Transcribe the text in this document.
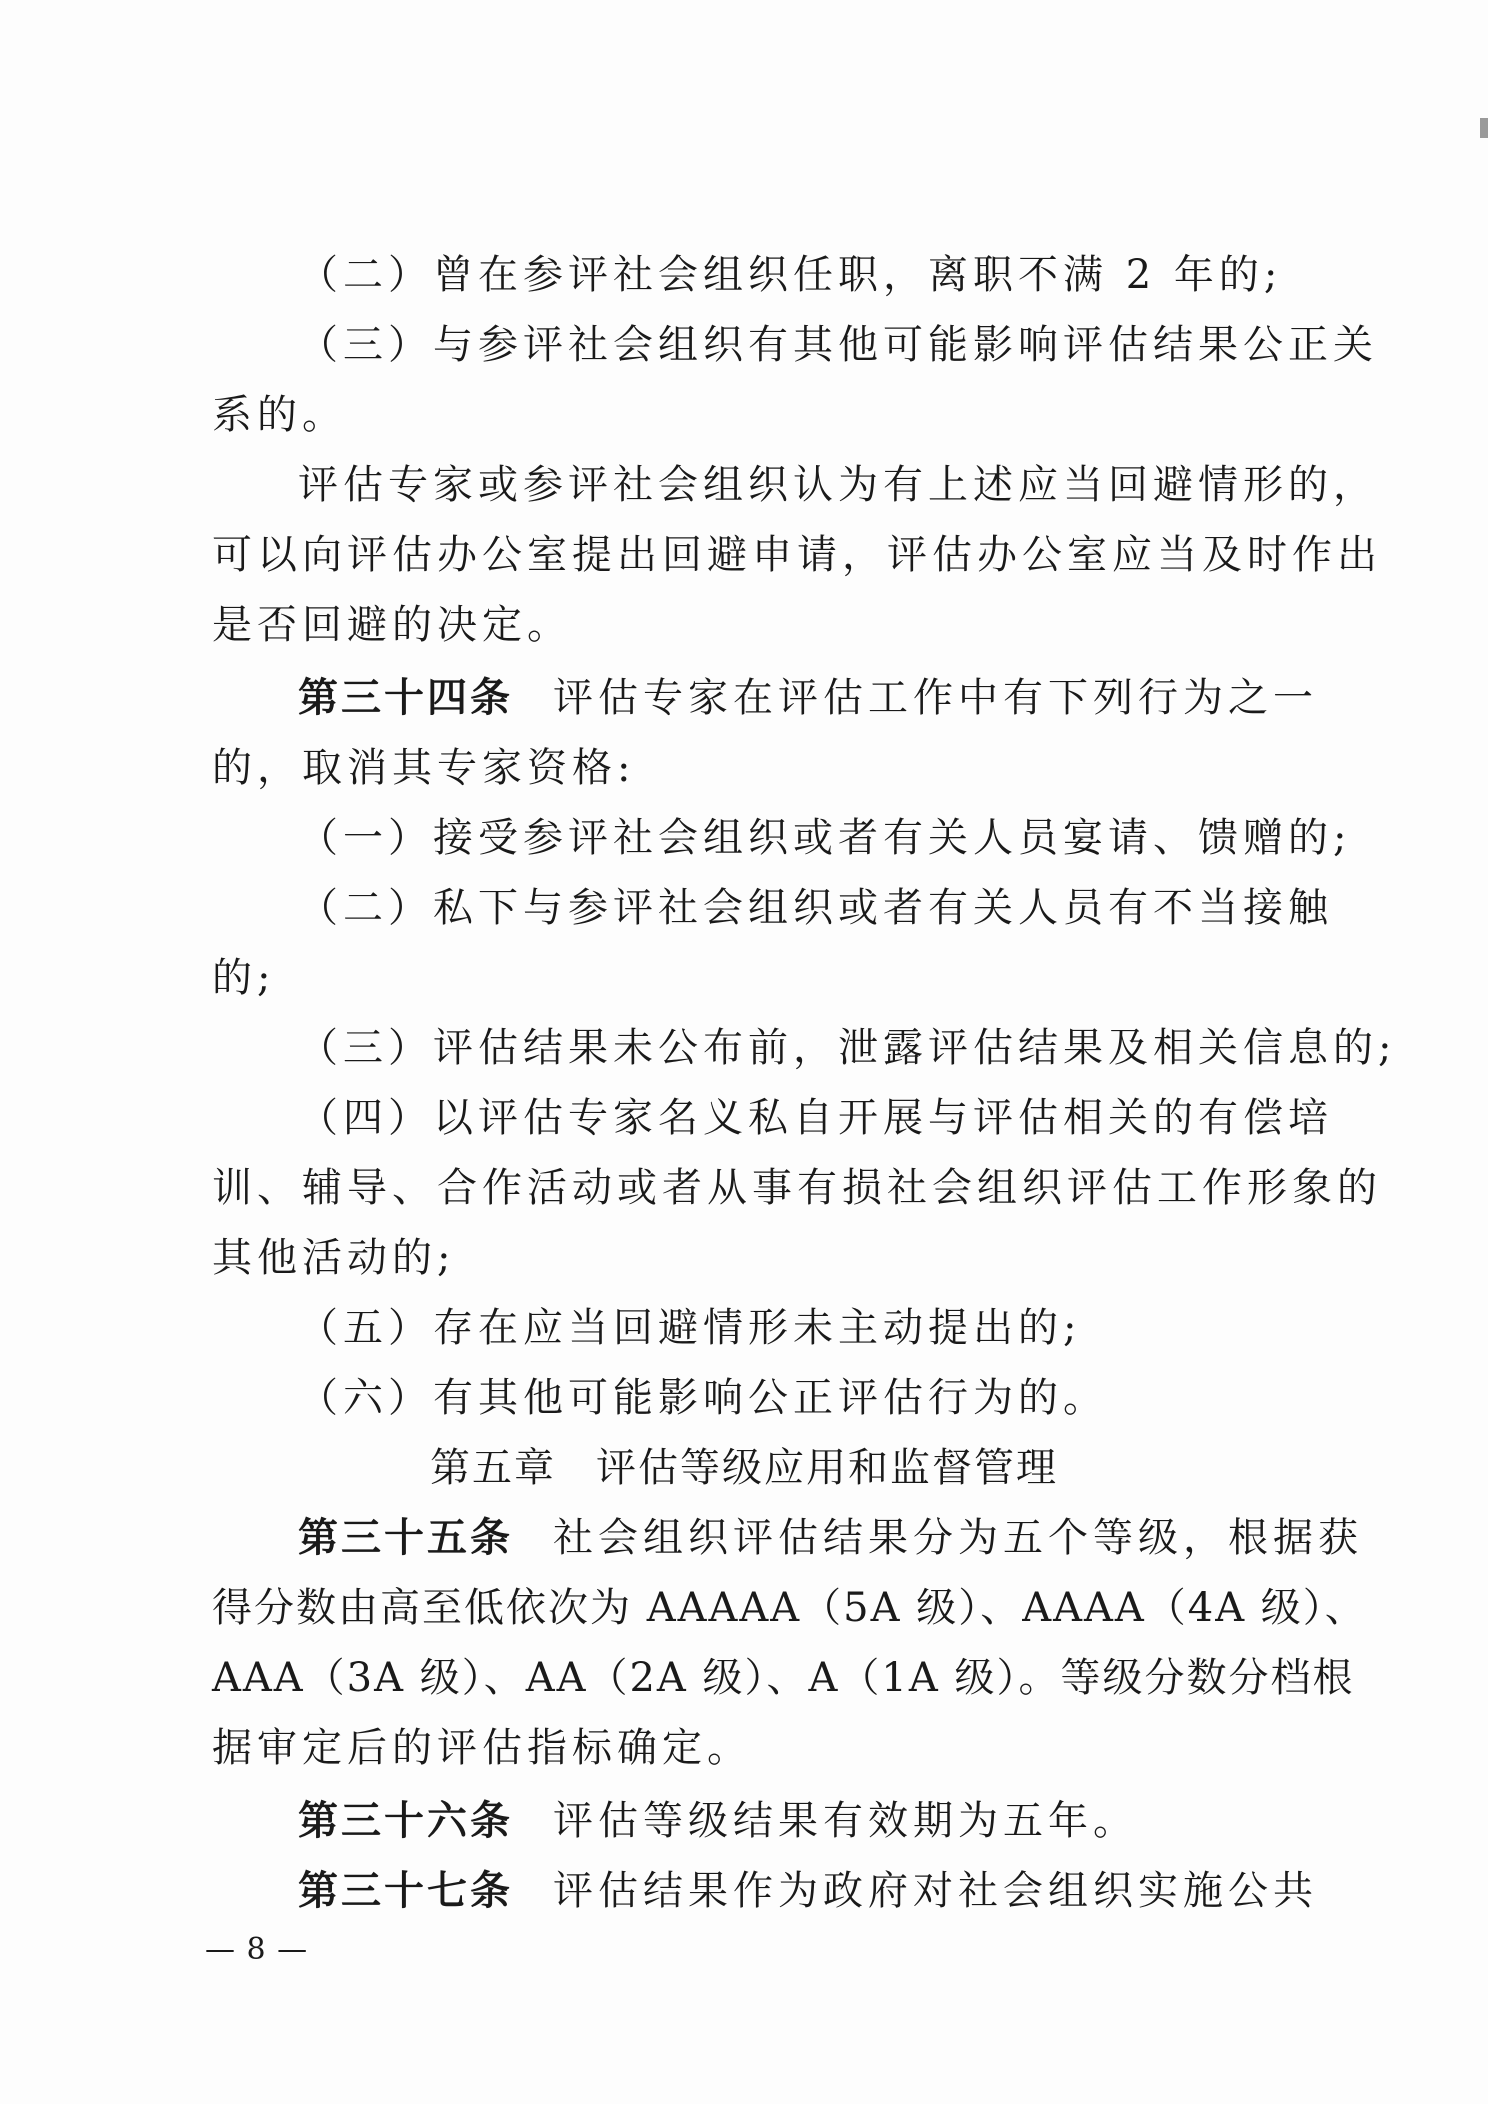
（二）曾在参评社会组织任职，离职不满 2 年的;
（三）与参评社会组织有其他可能影响评估结果公正关
系的。
评估专家或参评社会组织认为有上述应当回避情形的，
可以向评估办公室提出回避申请，评估办公室应当及时作出
是否回避的决定。
第三十四条 评估专家在评估工作中有下列行为之一
的，取消其专家资格:
（一）接受参评社会组织或者有关人员宴请、馈赠的;
（二）私下与参评社会组织或者有关人员有不当接触
的;
（三）评估结果未公布前，泄露评估结果及相关信息的;
（四）以评估专家名义私自开展与评估相关的有偿培
训、辅导、合作活动或者从事有损社会组织评估工作形象的
其他活动的;
（五）存在应当回避情形未主动提出的;
（六）有其他可能影响公正评估行为的。
第五章 评估等级应用和监督管理
第三十五条 社会组织评估结果分为五个等级，根据获
得分数由高至低依次为 AAAAA（5A 级）、AAAA（4A 级）、
AAA（3A 级）、AA（2A 级）、A（1A 级）。等级分数分档根
据审定后的评估指标确定。
第三十六条 评估等级结果有效期为五年。
第三十七条 评估结果作为政府对社会组织实施公共
— 8 —
